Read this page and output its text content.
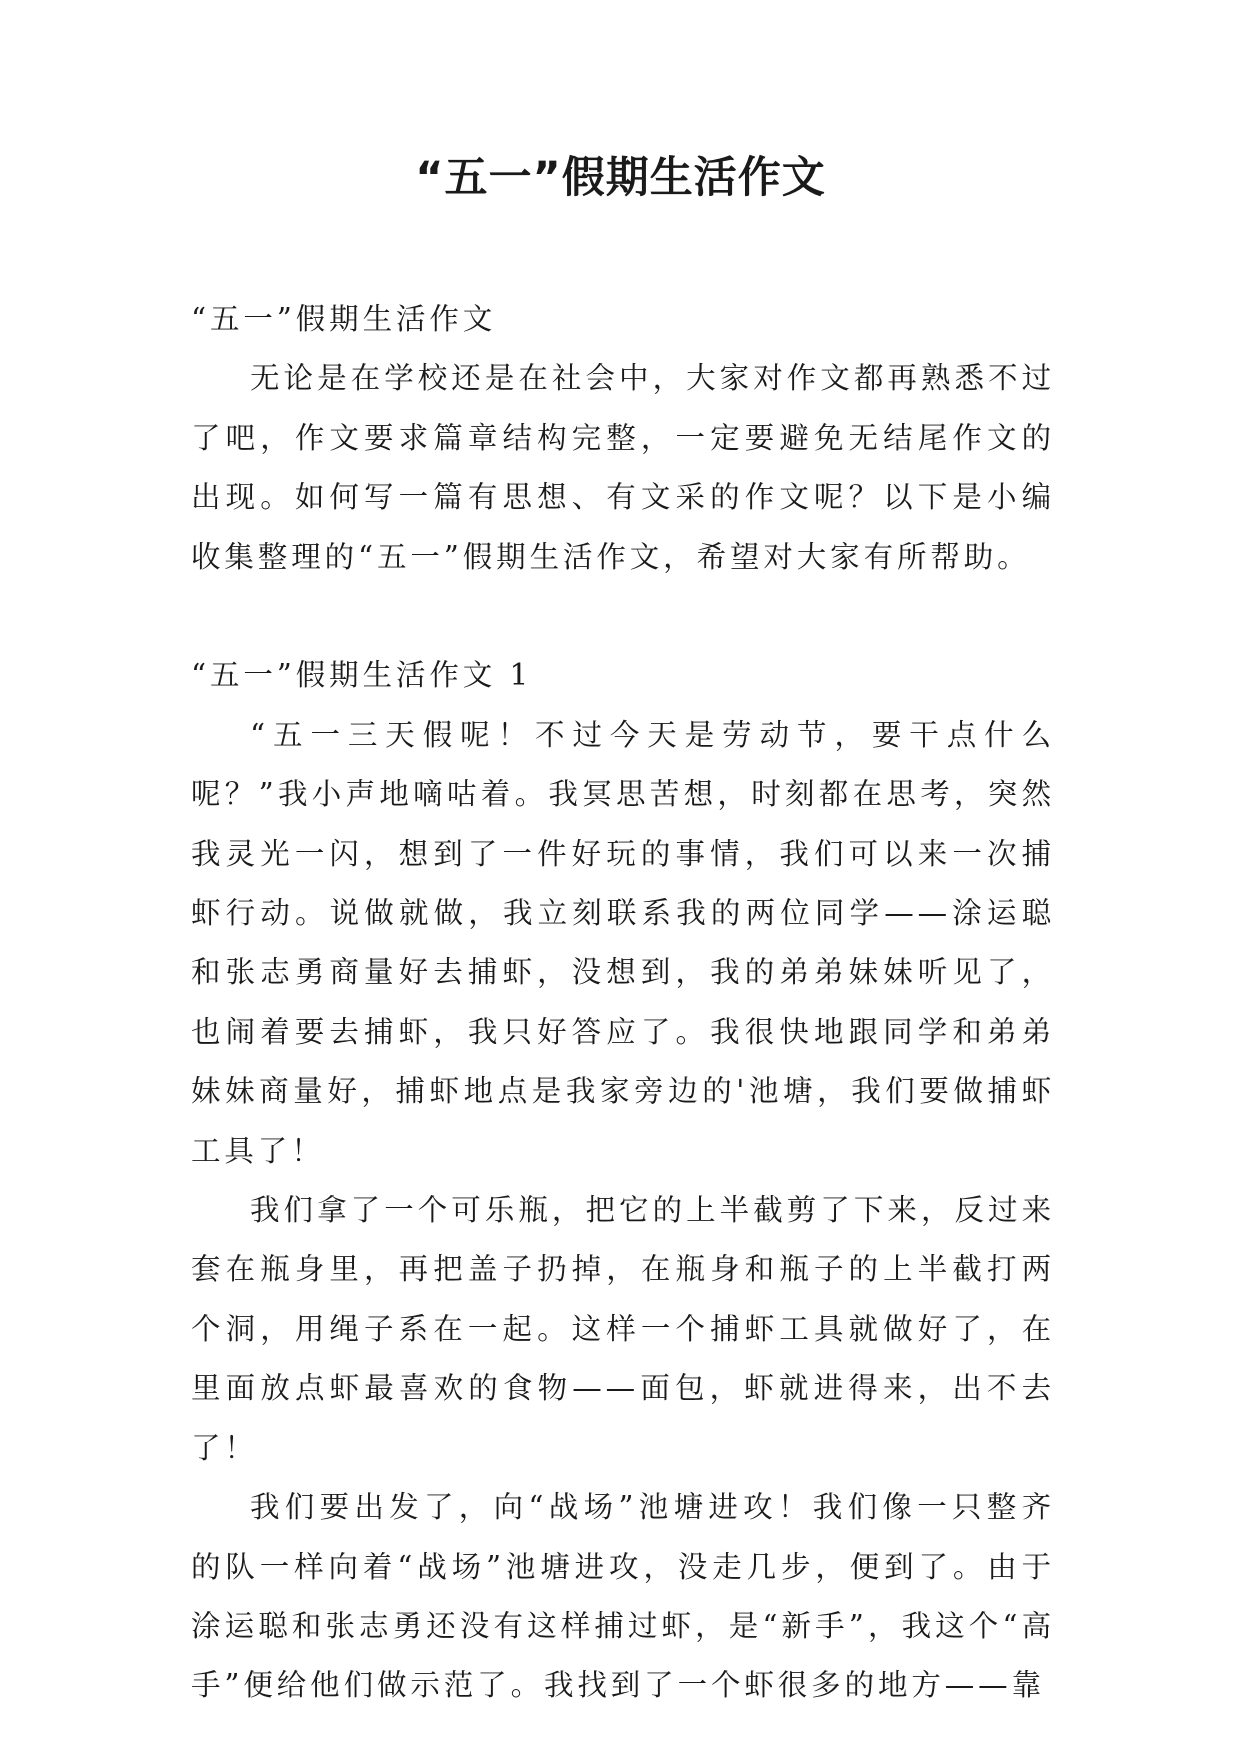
“五一”假期生活作文

“五一”假期生活作文

无论是在学校还是在社会中，大家对作文都再熟悉不过了吧，作文要求篇章结构完整，一定要避免无结尾作文的出现。如何写一篇有思想、有文采的作文呢？以下是小编收集整理的“五一”假期生活作文，希望对大家有所帮助。

“五一”假期生活作文 1

“五一三天假呢！不过今天是劳动节，要干点什么呢？”我小声地嘀咕着。我冥思苦想，时刻都在思考，突然我灵光一闪，想到了一件好玩的事情，我们可以来一次捕虾行动。说做就做，我立刻联系我的两位同学——涂运聪和张志勇商量好去捕虾，没想到，我的弟弟妹妹听见了，也闹着要去捕虾，我只好答应了。我很快地跟同学和弟弟妹妹商量好，捕虾地点是我家旁边的'池塘，我们要做捕虾工具了！

我们拿了一个可乐瓶，把它的上半截剪了下来，反过来套在瓶身里，再把盖子扔掉，在瓶身和瓶子的上半截打两个洞，用绳子系在一起。这样一个捕虾工具就做好了，在里面放点虾最喜欢的食物——面包，虾就进得来，出不去了！

我们要出发了，向“战场”池塘进攻！我们像一只整齐的队一样向着“战场”池塘进攻，没走几步，便到了。由于涂运聪和张志勇还没有这样捕过虾，是“新手”，我这个“高手”便给他们做示范了。我找到了一个虾很多的地方——靠
